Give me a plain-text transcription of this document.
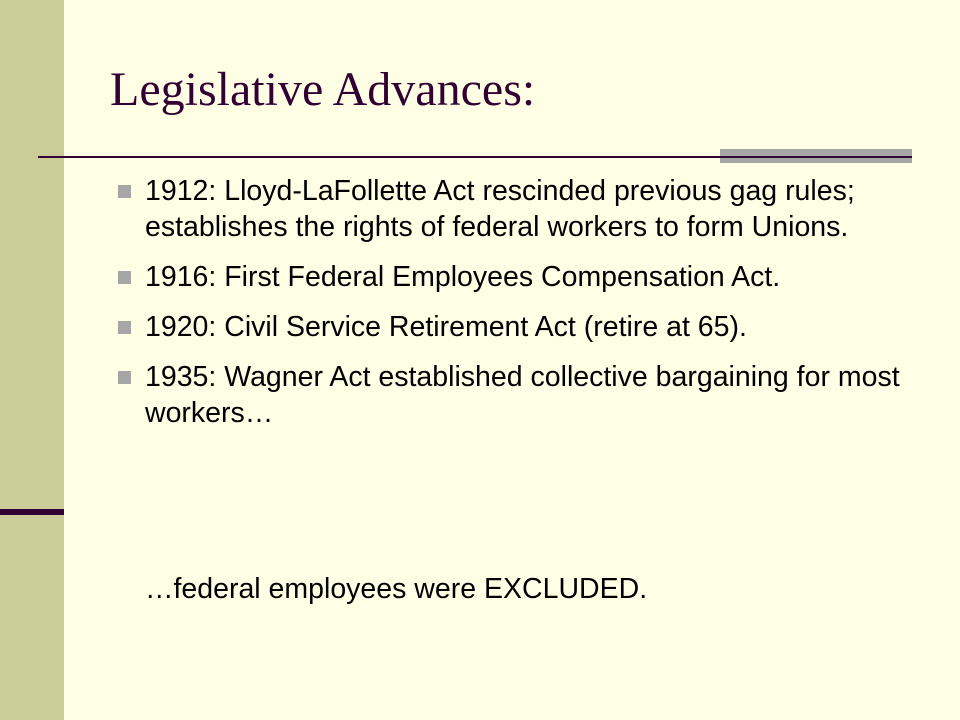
Legislative Advances:
1912: Lloyd-LaFollette Act rescinded previous gag rules; establishes the rights of federal workers to form Unions.
1916: First Federal Employees Compensation Act.
1920: Civil Service Retirement Act (retire at 65).
1935: Wagner Act established collective bargaining for most workers…

…federal employees were EXCLUDED.
